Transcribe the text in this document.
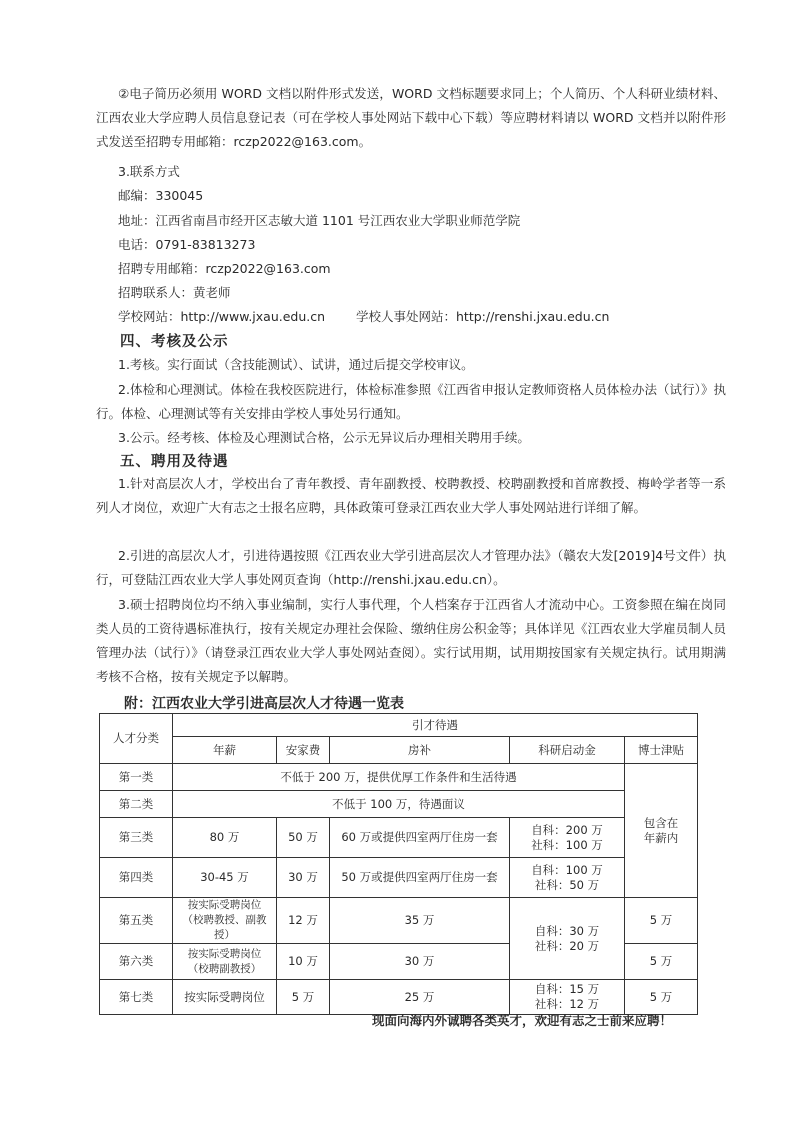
②电子简历必须用 WORD 文档以附件形式发送，WORD 文档标题要求同上；个人简历、个人科研业绩材料、江西农业大学应聘人员信息登记表（可在学校人事处网站下载中心下载）等应聘材料请以 WORD 文档并以附件形式发送至招聘专用邮箱：rczp2022@163.com。

3.联系方式

邮编：330045

地址：江西省南昌市经开区志敏大道 1101 号江西农业大学职业师范学院

电话：0791-83813273

招聘专用邮箱：rczp2022@163.com

招聘联系人：黄老师

学校网站：http://www.jxau.edu.cn 学校人事处网站：http://renshi.jxau.edu.cn

四、考核及公示

1.考核。实行面试（含技能测试）、试讲，通过后提交学校审议。

2.体检和心理测试。体检在我校医院进行，体检标准参照《江西省申报认定教师资格人员体检办法（试行）》执行。体检、心理测试等有关安排由学校人事处另行通知。

3.公示。经考核、体检及心理测试合格，公示无异议后办理相关聘用手续。

五、聘用及待遇

1.针对高层次人才，学校出台了青年教授、青年副教授、校聘教授、校聘副教授和首席教授、梅岭学者等一系列人才岗位，欢迎广大有志之士报名应聘，具体政策可登录江西农业大学人事处网站进行详细了解。

2.引进的高层次人才，引进待遇按照《江西农业大学引进高层次人才管理办法》（赣农大发[2019]4号文件）执行，可登陆江西农业大学人事处网页查询（http://renshi.jxau.edu.cn）。

3.硕士招聘岗位均不纳入事业编制，实行人事代理，个人档案存于江西省人才流动中心。工资参照在编在岗同类人员的工资待遇标准执行，按有关规定办理社会保险、缴纳住房公积金等；具体详见《江西农业大学雇员制人员管理办法（试行）》（请登录江西农业大学人事处网站查阅）。实行试用期，试用期按国家有关规定执行。试用期满考核不合格，按有关规定予以解聘。

附：江西农业大学引进高层次人才待遇一览表

人才分类	引才待遇				
	年薪	安家费	房补	科研启动金	博士津贴
第一类	不低于 200 万，提供优厚工作条件和生活待遇				包含在
年薪内
第二类	不低于 100 万，待遇面议				
第三类	80 万	50 万	60 万或提供四室两厅住房一套	自科：200 万
社科：100 万	
第四类	30-45 万	30 万	50 万或提供四室两厅住房一套	自科：100 万
社科：50 万	
第五类	按实际受聘岗位
（校聘教授、副教授）	12 万	35 万	自科：30 万
社科：20 万	5 万
第六类	按实际受聘岗位
（校聘副教授）	10 万	30 万		5 万
第七类	按实际受聘岗位	5 万	25 万	自科：15 万
社科：12 万	5 万

现面向海内外诚聘各类英才，欢迎有志之士前来应聘！
